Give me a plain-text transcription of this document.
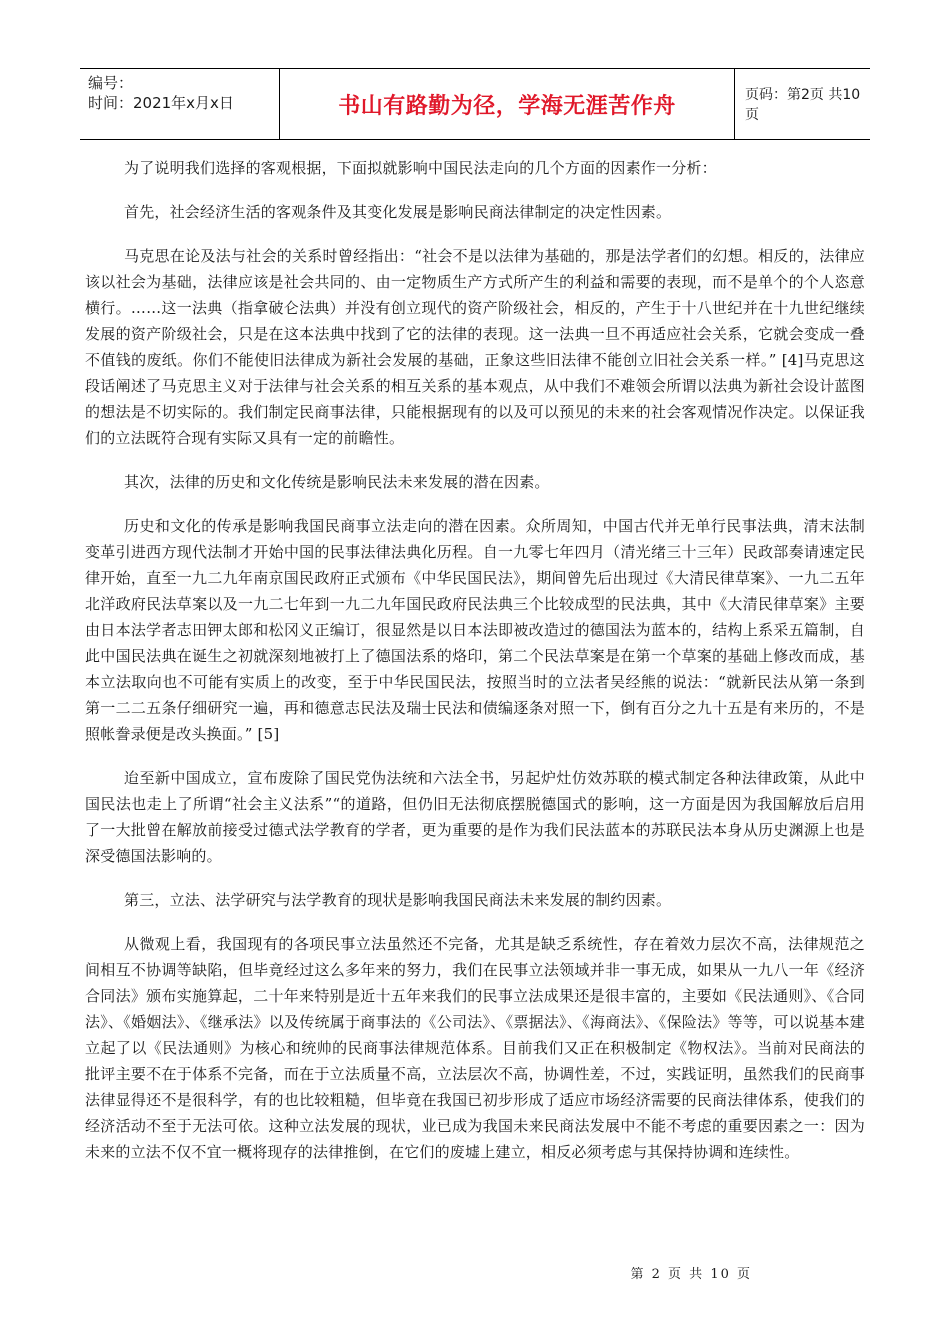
编号：
时间：2021年x月x日	书山有路勤为径，学海无涯苦作舟	页码：第2页 共10页

为了说明我们选择的客观根据，下面拟就影响中国民法走向的几个方面的因素作一分析：

首先，社会经济生活的客观条件及其变化发展是影响民商法律制定的决定性因素。

马克思在论及法与社会的关系时曾经指出：“社会不是以法律为基础的，那是法学者们的幻想。相反的，法律应该以社会为基础，法律应该是社会共同的、由一定物质生产方式所产生的利益和需要的表现，而不是单个的个人恣意横行。……这一法典（指拿破仑法典）并没有创立现代的资产阶级社会，相反的，产生于十八世纪并在十九世纪继续发展的资产阶级社会，只是在这本法典中找到了它的法律的表现。这一法典一旦不再适应社会关系，它就会变成一叠不值钱的废纸。你们不能使旧法律成为新社会发展的基础，正象这些旧法律不能创立旧社会关系一样。” [4]马克思这段话阐述了马克思主义对于法律与社会关系的相互关系的基本观点，从中我们不难领会所谓以法典为新社会设计蓝图的想法是不切实际的。我们制定民商事法律，只能根据现有的以及可以预见的未来的社会客观情况作决定。以保证我们的立法既符合现有实际又具有一定的前瞻性。

其次，法律的历史和文化传统是影响民法未来发展的潜在因素。

历史和文化的传承是影响我国民商事立法走向的潜在因素。众所周知，中国古代并无单行民事法典，清末法制变革引进西方现代法制才开始中国的民事法律法典化历程。自一九零七年四月（清光绪三十三年）民政部奏请速定民律开始，直至一九二九年南京国民政府正式颁布《中华民国民法》，期间曾先后出现过《大清民律草案》、一九二五年北洋政府民法草案以及一九二七年到一九二九年国民政府民法典三个比较成型的民法典，其中《大清民律草案》主要由日本法学者志田钾太郎和松冈义正编订，很显然是以日本法即被改造过的德国法为蓝本的，结构上系采五篇制，自此中国民法典在诞生之初就深刻地被打上了德国法系的烙印，第二个民法草案是在第一个草案的基础上修改而成，基本立法取向也不可能有实质上的改变，至于中华民国民法，按照当时的立法者吴经熊的说法：“就新民法从第一条到第一二二五条仔细研究一遍，再和德意志民法及瑞士民法和债编逐条对照一下，倒有百分之九十五是有来历的，不是照帐誊录便是改头换面。” [5]

迨至新中国成立，宣布废除了国民党伪法统和六法全书，另起炉灶仿效苏联的模式制定各种法律政策，从此中国民法也走上了所谓“社会主义法系”“的道路，但仍旧无法彻底摆脱德国式的影响，这一方面是因为我国解放后启用了一大批曾在解放前接受过德式法学教育的学者，更为重要的是作为我们民法蓝本的苏联民法本身从历史渊源上也是深受德国法影响的。

第三，立法、法学研究与法学教育的现状是影响我国民商法未来发展的制约因素。

从微观上看，我国现有的各项民事立法虽然还不完备，尤其是缺乏系统性，存在着效力层次不高，法律规范之间相互不协调等缺陷，但毕竟经过这么多年来的努力，我们在民事立法领域并非一事无成，如果从一九八一年《经济合同法》颁布实施算起，二十年来特别是近十五年来我们的民事立法成果还是很丰富的，主要如《民法通则》、《合同法》、《婚姻法》、《继承法》以及传统属于商事法的《公司法》、《票据法》、《海商法》、《保险法》等等，可以说基本建立起了以《民法通则》为核心和统帅的民商事法律规范体系。目前我们又正在积极制定《物权法》。当前对民商法的批评主要不在于体系不完备，而在于立法质量不高，立法层次不高，协调性差，不过，实践证明，虽然我们的民商事法律显得还不是很科学，有的也比较粗糙，但毕竟在我国已初步形成了适应市场经济需要的民商法律体系，使我们的经济活动不至于无法可依。这种立法发展的现状，业已成为我国未来民商法发展中不能不考虑的重要因素之一：因为未来的立法不仅不宜一概将现存的法律推倒，在它们的废墟上建立，相反必须考虑与其保持协调和连续性。

第 2 页 共 10 页
